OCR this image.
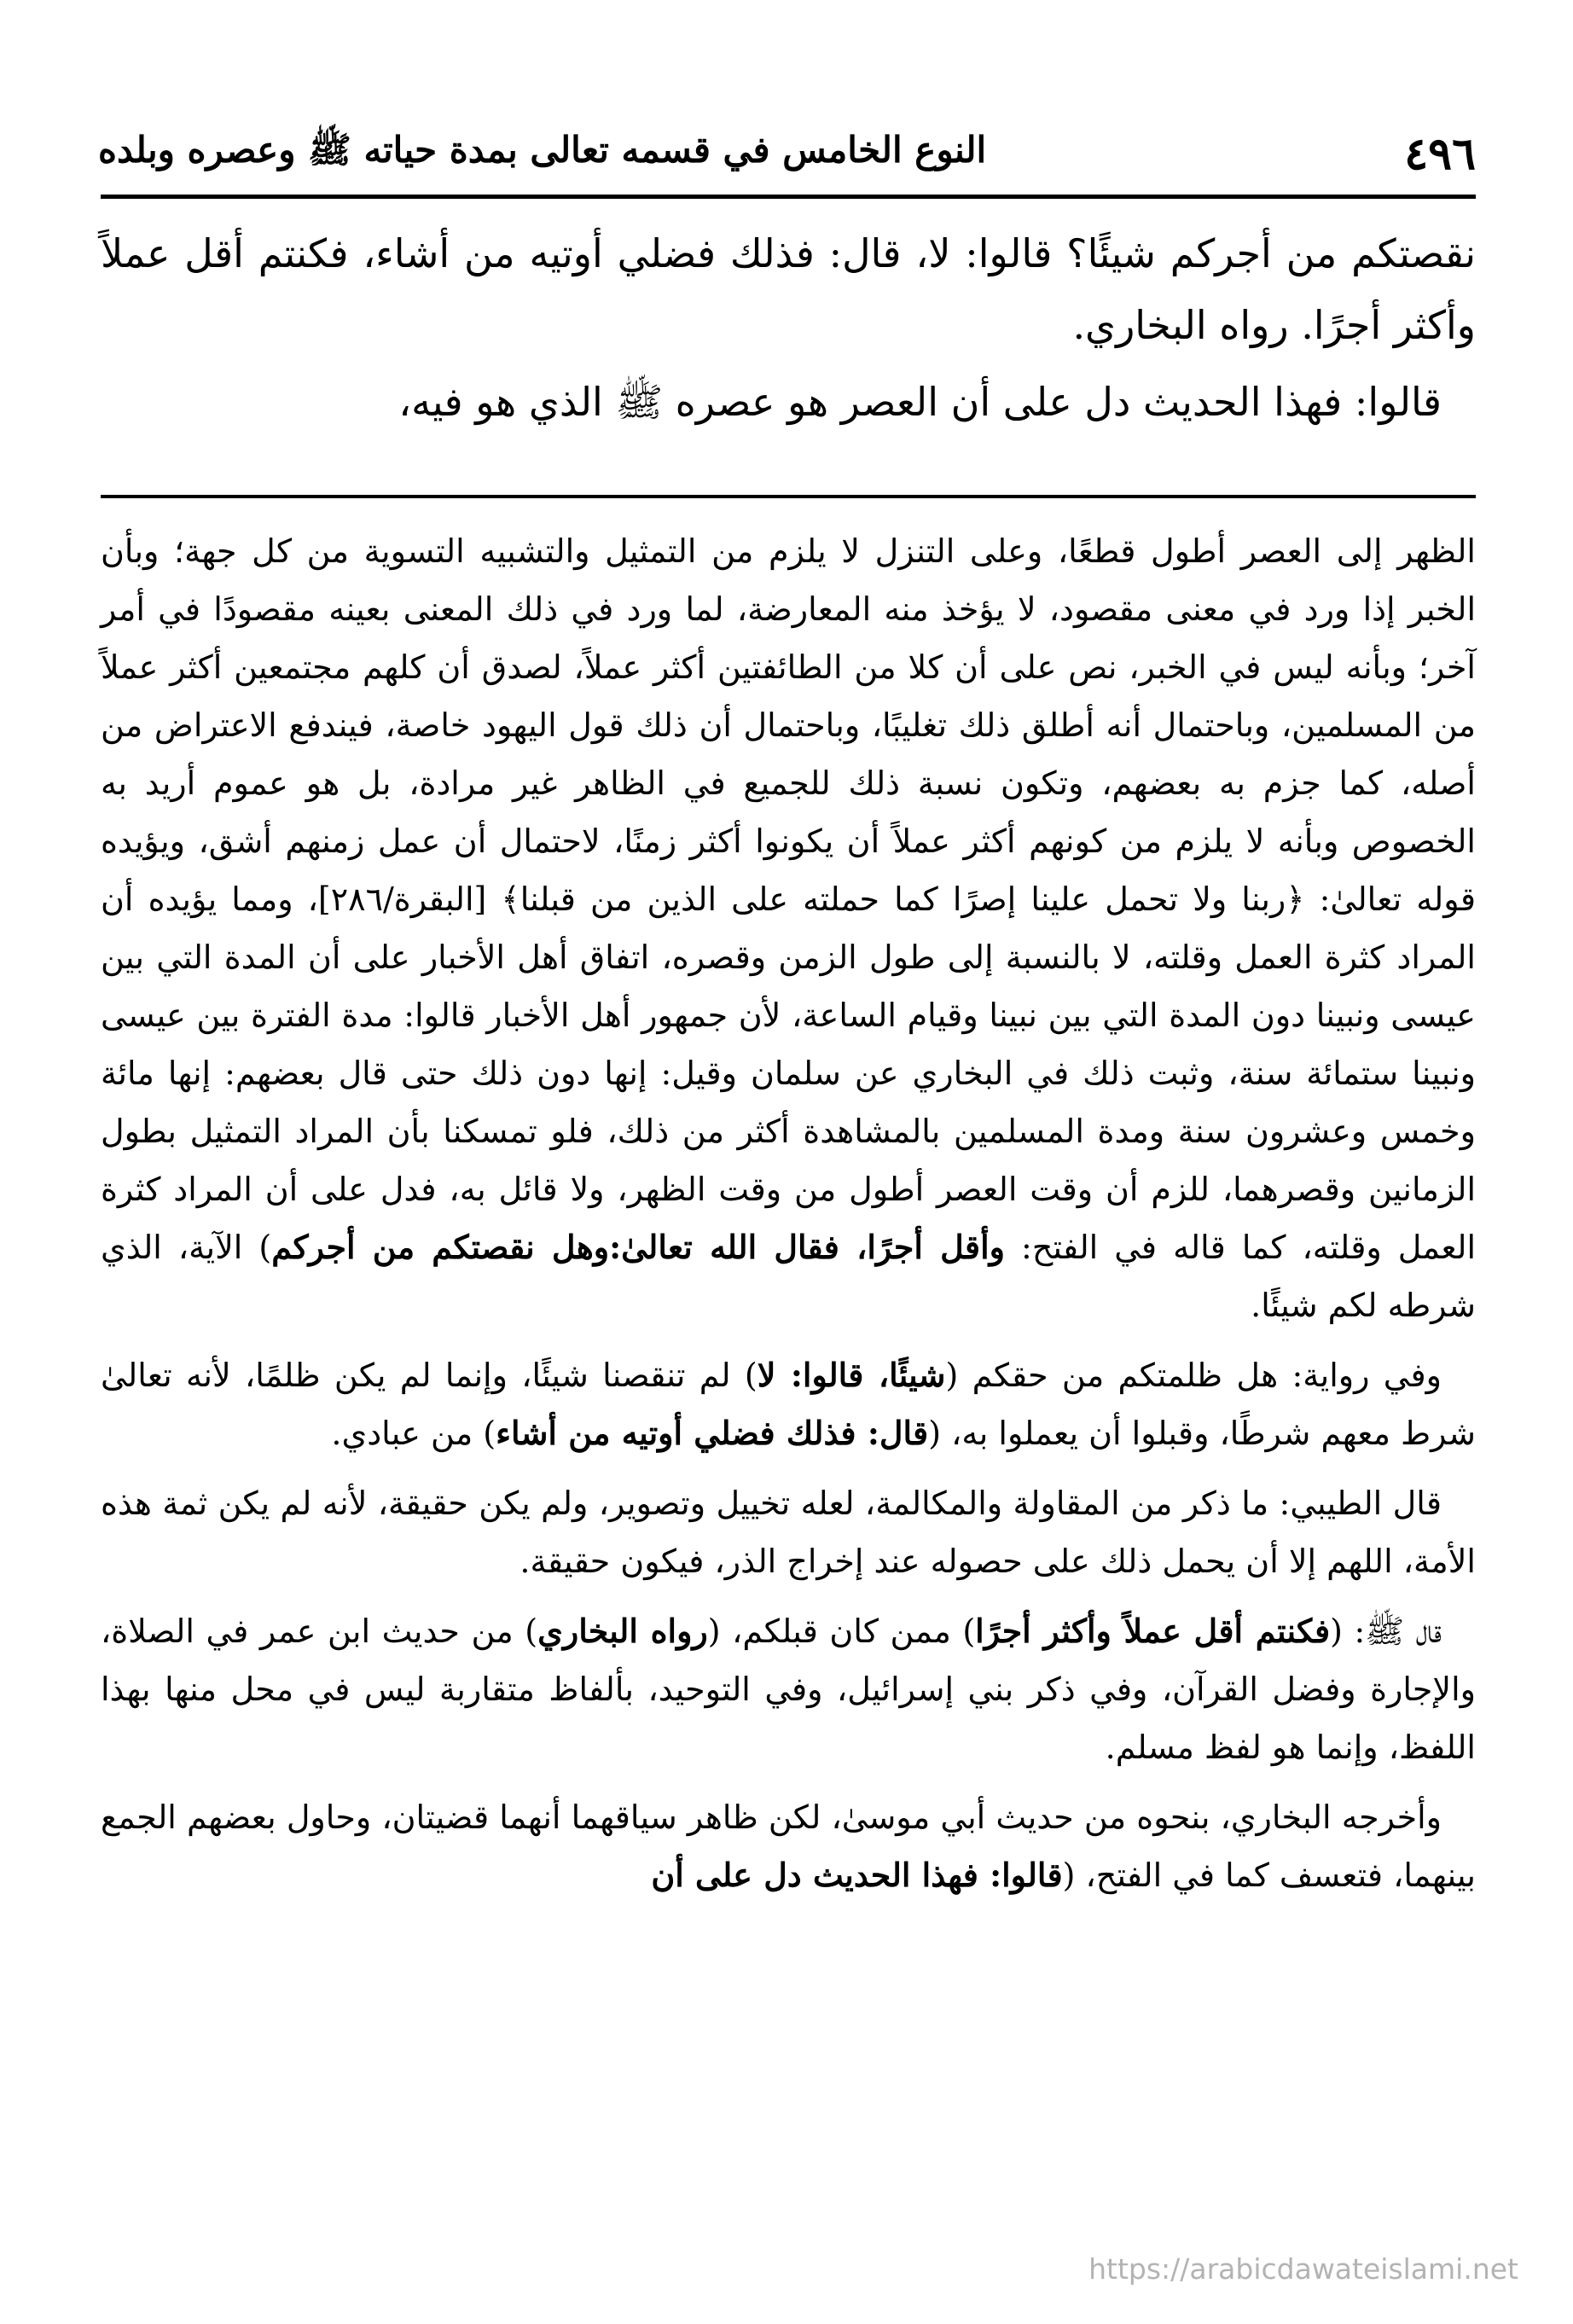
٤٩٦
النوع الخامس في قسمه تعالى بمدة حياته ﷺ وعصره وبلده

نقصتكم من أجركم شيئًا؟ قالوا: لا، قال: فذلك فضلي أوتيه من أشاء، فكنتم أقل عملاً وأكثر أجرًا. رواه البخاري.

قالوا: فهذا الحديث دل على أن العصر هو عصره ﷺ الذي هو فيه،

الظهر إلى العصر أطول قطعًا، وعلى التنزل لا يلزم من التمثيل والتشبيه التسوية من كل جهة؛ وبأن الخبر إذا ورد في معنى مقصود، لا يؤخذ منه المعارضة، لما ورد في ذلك المعنى بعينه مقصودًا في أمر آخر؛ وبأنه ليس في الخبر، نص على أن كلا من الطائفتين أكثر عملاً، لصدق أن كلهم مجتمعين أكثر عملاً من المسلمين، وباحتمال أنه أطلق ذلك تغليبًا، وباحتمال أن ذلك قول اليهود خاصة، فيندفع الاعتراض من أصله، كما جزم به بعضهم، وتكون نسبة ذلك للجميع في الظاهر غير مرادة، بل هو عموم أريد به الخصوص وبأنه لا يلزم من كونهم أكثر عملاً أن يكونوا أكثر زمنًا، لاحتمال أن عمل زمنهم أشق، ويؤيده قوله تعالىٰ: ﴿ربنا ولا تحمل علينا إصرًا كما حملته على الذين من قبلنا﴾ [البقرة/٢٨٦]، ومما يؤيده أن المراد كثرة العمل وقلته، لا بالنسبة إلى طول الزمن وقصره، اتفاق أهل الأخبار على أن المدة التي بين عيسى ونبينا دون المدة التي بين نبينا وقيام الساعة، لأن جمهور أهل الأخبار قالوا: مدة الفترة بين عيسى ونبينا ستمائة سنة، وثبت ذلك في البخاري عن سلمان وقيل: إنها دون ذلك حتى قال بعضهم: إنها مائة وخمس وعشرون سنة ومدة المسلمين بالمشاهدة أكثر من ذلك، فلو تمسكنا بأن المراد التمثيل بطول الزمانين وقصرهما، للزم أن وقت العصر أطول من وقت الظهر، ولا قائل به، فدل على أن المراد كثرة العمل وقلته، كما قاله في الفتح: وأقل أجرًا، فقال الله تعالىٰ:وهل نقصتكم من أجركم) الآية، الذي شرطه لكم شيئًا.

وفي رواية: هل ظلمتكم من حقكم (شيئًا، قالوا: لا) لم تنقصنا شيئًا، وإنما لم يكن ظلمًا، لأنه تعالىٰ شرط معهم شرطًا، وقبلوا أن يعملوا به، (قال: فذلك فضلي أوتيه من أشاء) من عبادي.

قال الطيبي: ما ذكر من المقاولة والمكالمة، لعله تخييل وتصوير، ولم يكن حقيقة، لأنه لم يكن ثمة هذه الأمة، اللهم إلا أن يحمل ذلك على حصوله عند إخراج الذر، فيكون حقيقة.

قال ﷺ: (فكنتم أقل عملاً وأكثر أجرًا) ممن كان قبلكم، (رواه البخاري) من حديث ابن عمر في الصلاة، والإجارة وفضل القرآن، وفي ذكر بني إسرائيل، وفي التوحيد، بألفاظ متقاربة ليس في محل منها بهذا اللفظ، وإنما هو لفظ مسلم.

وأخرجه البخاري، بنحوه من حديث أبي موسىٰ، لكن ظاهر سياقهما أنهما قضيتان، وحاول بعضهم الجمع بينهما، فتعسف كما في الفتح، (قالوا: فهذا الحديث دل على أن

https://arabicdawateislami.net
